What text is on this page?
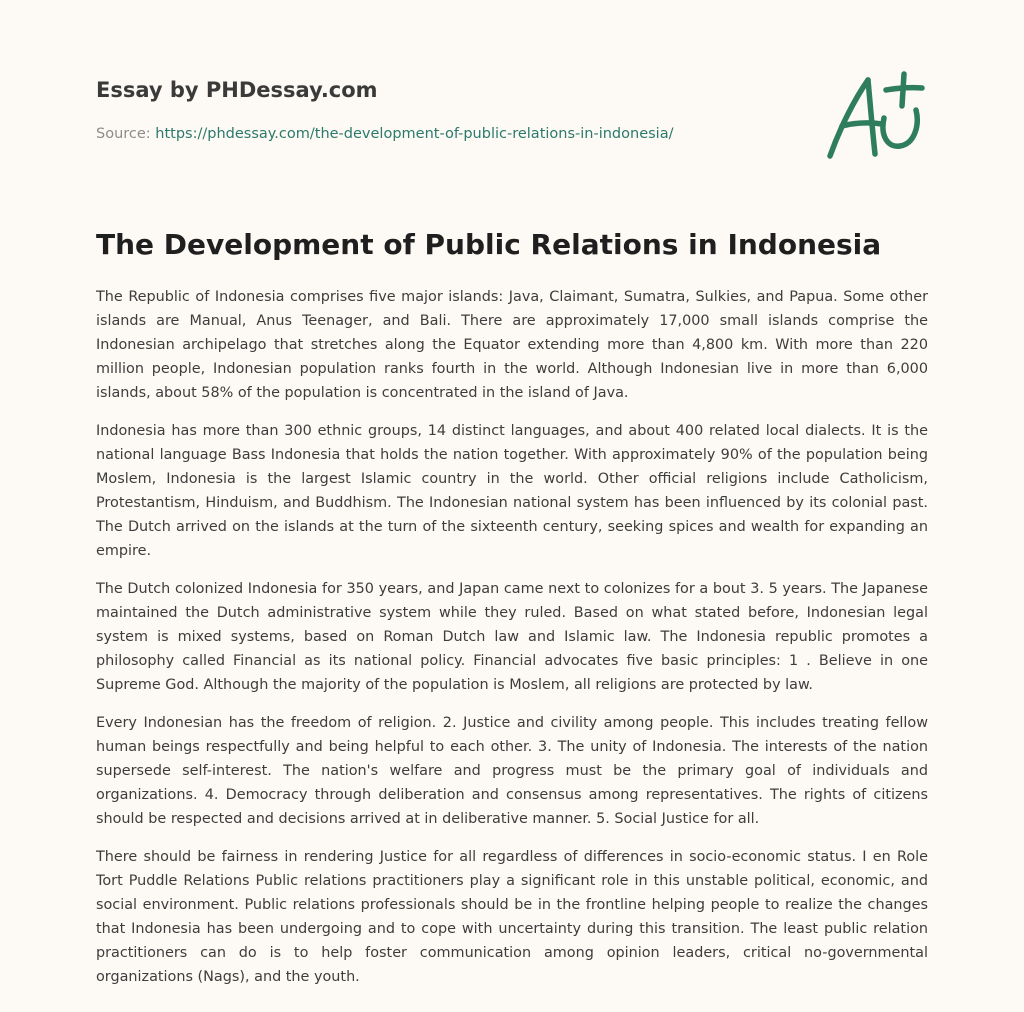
Essay by PHDessay.com
Source: https://phdessay.com/the-development-of-public-relations-in-indonesia/
The Development of Public Relations in Indonesia

The Republic of Indonesia comprises five major islands: Java, Claimant, Sumatra, Sulkies, and Papua. Some other islands are Manual, Anus Teenager, and Bali. There are approximately 17,000 small islands comprise the Indonesian archipelago that stretches along the Equator extending more than 4,800 km. With more than 220 million people, Indonesian population ranks fourth in the world. Although Indonesian live in more than 6,000 islands, about 58% of the population is concentrated in the island of Java.

Indonesia has more than 300 ethnic groups, 14 distinct languages, and about 400 related local dialects. It is the national language Bass Indonesia that holds the nation together. With approximately 90% of the population being Moslem, Indonesia is the largest Islamic country in the world. Other official religions include Catholicism, Protestantism, Hinduism, and Buddhism. The Indonesian national system has been influenced by its colonial past. The Dutch arrived on the islands at the turn of the sixteenth century, seeking spices and wealth for expanding an empire.

The Dutch colonized Indonesia for 350 years, and Japan came next to colonizes for a bout 3. 5 years. The Japanese maintained the Dutch administrative system while they ruled. Based on what stated before, Indonesian legal system is mixed systems, based on Roman Dutch law and Islamic law. The Indonesia republic promotes a philosophy called Financial as its national policy. Financial advocates five basic principles: 1 . Believe in one Supreme God. Although the majority of the population is Moslem, all religions are protected by law.

Every Indonesian has the freedom of religion. 2. Justice and civility among people. This includes treating fellow human beings respectfully and being helpful to each other. 3. The unity of Indonesia. The interests of the nation supersede self-interest. The nation's welfare and progress must be the primary goal of individuals and organizations. 4. Democracy through deliberation and consensus among representatives. The rights of citizens should be respected and decisions arrived at in deliberative manner. 5. Social Justice for all.

There should be fairness in rendering Justice for all regardless of differences in socio-economic status. I en Role Tort Puddle Relations Public relations practitioners play a significant role in this unstable political, economic, and social environment. Public relations professionals should be in the frontline helping people to realize the changes that Indonesia has been undergoing and to cope with uncertainty during this transition. The least public relation practitioners can do is to help foster communication among opinion leaders, critical no-governmental organizations (Nags), and the youth.
